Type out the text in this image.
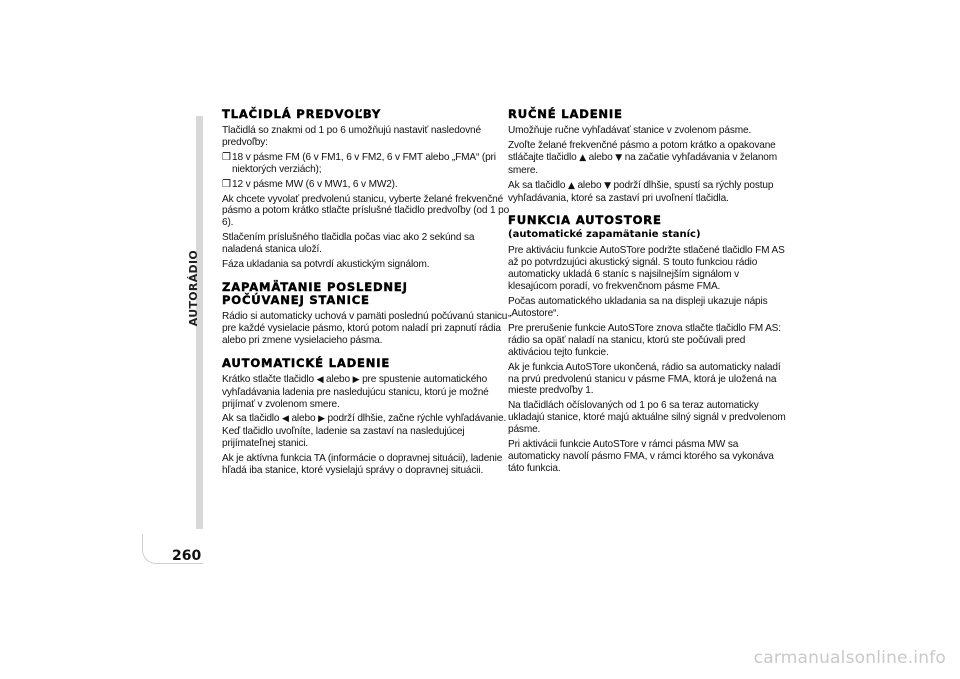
AUTORÁDIO
260
TLAČIDLÁ PREDVOĽBY

Tlačidlá so znakmi od 1 po 6 umožňujú nastaviť nasledovné predvoľby:

❒ 18 v pásme FM (6 v FM1, 6 v FM2, 6 v FMT alebo „FMA“ (pri niektorých verziách);

❒ 12 v pásme MW (6 v MW1, 6 v MW2).

Ak chcete vyvolať predvolenú stanicu, vyberte želané frekvenčné pásmo a potom krátko stlačte príslušné tlačidlo predvoľby (od 1 po 6).

Stlačením príslušného tlačidla počas viac ako 2 sekúnd sa naladená stanica uloží.

Fáza ukladania sa potvrdí akustickým signálom.

ZAPAMÄTANIE POSLEDNEJ
POČÚVANEJ STANICE

Rádio si automaticky uchová v pamäti poslednú počúvanú stanicu pre každé vysielacie pásmo, ktorú potom naladí pri zapnutí rádia alebo pri zmene vysielacieho pásma.

AUTOMATICKÉ LADENIE

Krátko stlačte tlačidlo ◀ alebo ▶ pre spustenie automatického vyhľadávania ladenia pre nasledujúcu stanicu, ktorú je možné prijímať v zvolenom smere.

Ak sa tlačidlo ◀ alebo ▶ podrží dlhšie, začne rýchle vyhľadávanie. Keď tlačidlo uvoľníte, ladenie sa zastaví na nasledujúcej prijímateľnej stanici.

Ak je aktívna funkcia TA (informácie o dopravnej situácii), ladenie hľadá iba stanice, ktoré vysielajú správy o dopravnej situácii.

RUČNÉ LADENIE

Umožňuje ručne vyhľadávať stanice v zvolenom pásme.

Zvoľte želané frekvenčné pásmo a potom krátko a opakovane stláčajte tlačidlo ▲ alebo ▼ na začatie vyhľadávania v želanom smere.

Ak sa tlačidlo ▲ alebo ▼ podrží dlhšie, spustí sa rýchly postup vyhľadávania, ktoré sa zastaví pri uvoľnení tlačidla.

FUNKCIA AUTOSTORE
(automatické zapamätanie staníc)

Pre aktiváciu funkcie AutoSTore podržte stlačené tlačidlo FM AS až po potvrdzujúci akustický signál. S touto funkciou rádio automaticky ukladá 6 staníc s najsilnejším signálom v klesajúcom poradí, vo frekvenčnom pásme FMA.

Počas automatického ukladania sa na displeji ukazuje nápis „Autostore“.

Pre prerušenie funkcie AutoSTore znova stlačte tlačidlo FM AS: rádio sa opäť naladí na stanicu, ktorú ste počúvali pred aktiváciou tejto funkcie.

Ak je funkcia AutoSTore ukončená, rádio sa automaticky naladí na prvú predvolenú stanicu v pásme FMA, ktorá je uložená na mieste predvoľby 1.

Na tlačidlách očíslovaných od 1 po 6 sa teraz automaticky ukladajú stanice, ktoré majú aktuálne silný signál v predvolenom pásme.

Pri aktivácii funkcie AutoSTore v rámci pásma MW sa automaticky navolí pásmo FMA, v rámci ktorého sa vykonáva táto funkcia.

carmanualsonline.info
